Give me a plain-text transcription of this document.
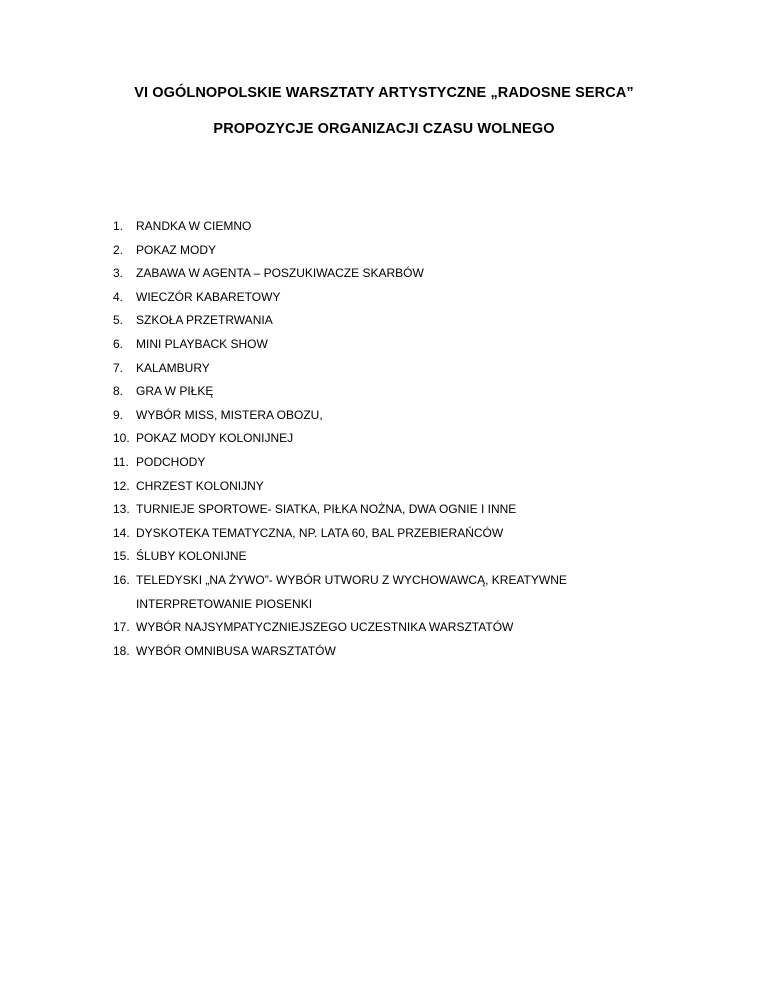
VI OGÓLNOPOLSKIE WARSZTATY ARTYSTYCZNE „RADOSNE SERCA”
PROPOZYCJE ORGANIZACJI CZASU WOLNEGO
1.	RANDKA W CIEMNO
2.	POKAZ MODY
3.	ZABAWA W AGENTA – POSZUKIWACZE SKARBÓW
4.	WIECZÓR KABARETOWY
5.	SZKOŁA PRZETRWANIA
6.	MINI PLAYBACK SHOW
7.	KALAMBURY
8.	GRA W PIŁKĘ
9.	WYBÓR MISS, MISTERA OBOZU,
10. POKAZ MODY KOLONIJNEJ
11. PODCHODY
12. CHRZEST KOLONIJNY
13. TURNIEJE SPORTOWE- SIATKA, PIŁKA NOŻNA, DWA OGNIE I INNE
14. DYSKOTEKA TEMATYCZNA, NP. LATA 60, BAL PRZEBIERAŃCÓW
15. ŚLUBY KOLONIJNE
16. TELEDYSKI „NA ŻYWO”- WYBÓR UTWORU Z WYCHOWAWCĄ, KREATYWNE
INTERPRETOWANIE PIOSENKI
17. WYBÓR NAJSYMPATYCZNIEJSZEGO UCZESTNIKA WARSZTATÓW
18. WYBÓR OMNIBUSA WARSZTATÓW
